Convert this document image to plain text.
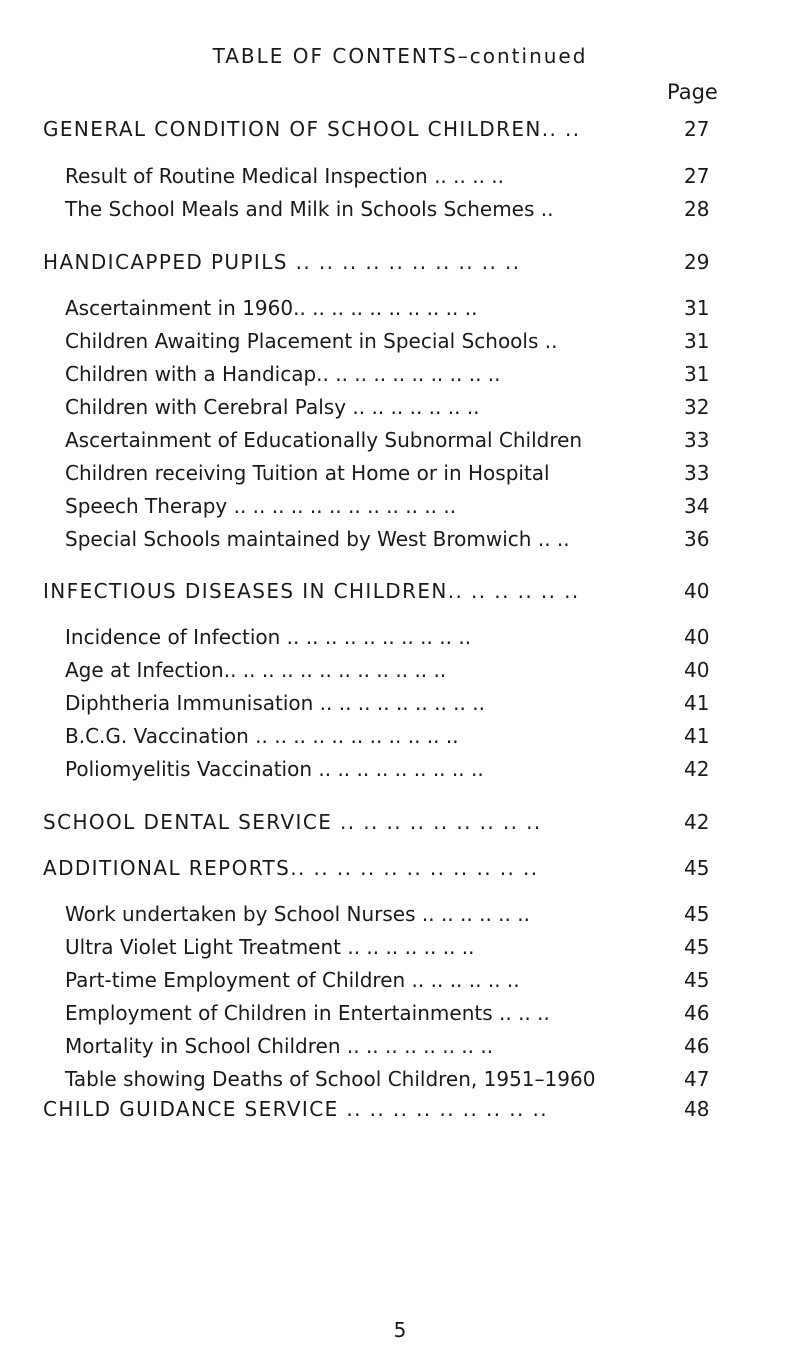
TABLE OF CONTENTS–continued
Page
GENERAL CONDITION OF SCHOOL CHILDREN.. ..	27
Result of Routine Medical Inspection .. .. .. ..	27
The School Meals and Milk in Schools Schemes ..	28
HANDICAPPED PUPILS .. .. .. .. .. .. .. .. .. ..	29
Ascertainment in 1960.. .. .. .. .. .. .. .. .. ..	31
Children Awaiting Placement in Special Schools ..	31
Children with a Handicap.. .. .. .. .. .. .. .. .. ..	31
Children with Cerebral Palsy .. .. .. .. .. .. ..	32
Ascertainment of Educationally Subnormal Children	33
Children receiving Tuition at Home or in Hospital	33
Speech Therapy .. .. .. .. .. .. .. .. .. .. .. ..	34
Special Schools maintained by West Bromwich .. ..	36
INFECTIOUS DISEASES IN CHILDREN.. .. .. .. .. ..	40
Incidence of Infection .. .. .. .. .. .. .. .. .. ..	40
Age at Infection.. .. .. .. .. .. .. .. .. .. .. ..	40
Diphtheria Immunisation .. .. .. .. .. .. .. .. ..	41
B.C.G. Vaccination .. .. .. .. .. .. .. .. .. .. ..	41
Poliomyelitis Vaccination .. .. .. .. .. .. .. .. ..	42
SCHOOL DENTAL SERVICE .. .. .. .. .. .. .. .. ..	42
ADDITIONAL REPORTS.. .. .. .. .. .. .. .. .. .. ..	45
Work undertaken by School Nurses .. .. .. .. .. ..	45
Ultra Violet Light Treatment .. .. .. .. .. .. ..	45
Part-time Employment of Children .. .. .. .. .. ..	45
Employment of Children in Entertainments .. .. ..	46
Mortality in School Children .. .. .. .. .. .. .. ..	46
Table showing Deaths of School Children, 1951–1960	47
CHILD GUIDANCE SERVICE .. .. .. .. .. .. .. .. ..	48
5
